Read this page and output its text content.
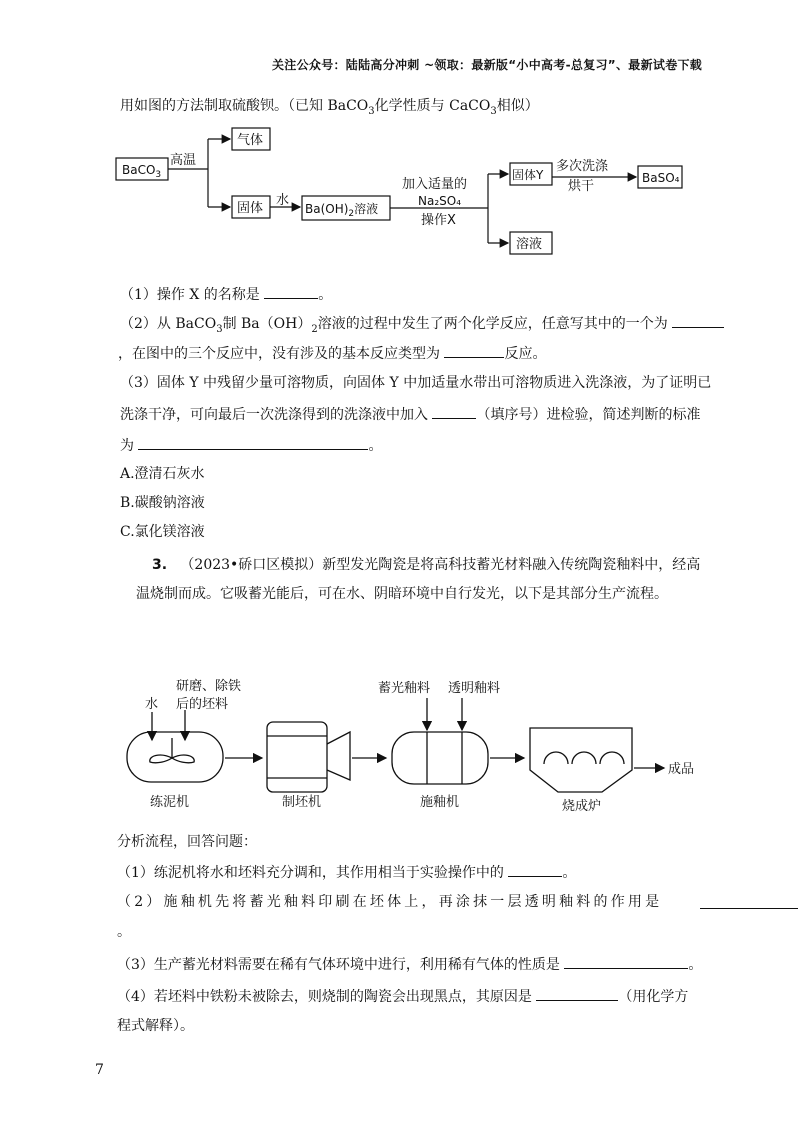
关注公众号：陆陆高分冲刺 ~领取：最新版“小中高考-总复习”、最新试卷下载
用如图的方法制取硫酸钡。（已知 BaCO$_3$化学性质与 CaCO$_3$相似）
BaCO$_3$
高温
气体
固体
水
$Ba(OH)_2$溶液
加入适量的
Na₂SO₄
操作X
固体Y
多次洗涤
烘干
BaSO₄
溶液
（1）操作 X 的名称是	。
（2）从 BaCO$_3$制 $Ba(OH)_2$溶液的过程中发生了两个化学反应，任意写其中的一个为
，在图中的三个反应中，没有涉及的基本反应类型为	反应。
（3）固体 Y 中残留少量可溶物质，向固体 Y 中加适量水带出可溶物质进入洗涤液，为了证明已
洗涤干净，可向最后一次洗涤得到的洗涤液中加入	（填序号）进检验，简述判断的标准
为	。
A.澄清石灰水
B.碳酸钠溶液
C.氯化镁溶液
3. （2023•硚口区模拟）新型发光陶瓷是将高科技蓄光材料融入传统陶瓷釉料中，经高
温烧制而成。它吸蓄光能后，可在水、阴暗环境中自行发光，以下是其部分生产流程。
水
研磨、除铁
后的坯料
练泥机	制坯机
蓄光釉料 透明釉料
施釉机	烧成炉
成品
分析流程，回答问题：
（1）练泥机将水和坯料充分调和，其作用相当于实验操作中的	。
（2）施釉机先将蓄光釉料印刷在坯体上，再涂抹一层透明釉料的作用是
。
（3）生产蓄光材料需要在稀有气体环境中进行，利用稀有气体的性质是	。
（4）若坯料中铁粉未被除去，则烧制的陶瓷会出现黑点，其原因是	（用化学方
程式解释）。
7
